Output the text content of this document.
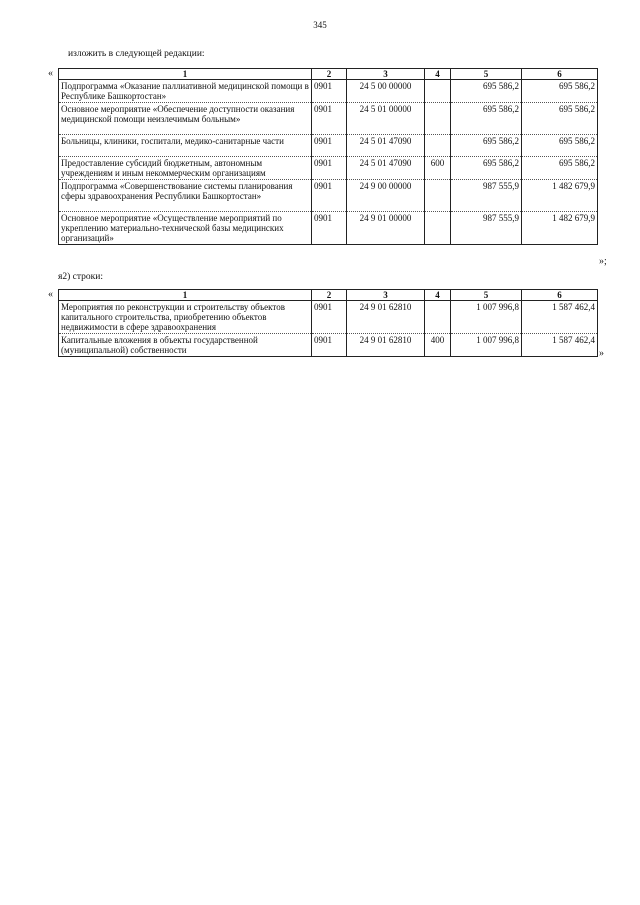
345
изложить в следующей редакции:
«	1	2	3	4	5	6
Подпрограмма «Оказание паллиативной медицинской помощи в Республике Башкортостан»	0901	24 5 00 00000		695 586,2	695 586,2
Основное мероприятие «Обеспечение доступности оказания медицинской помощи неизлечимым больным»	0901	24 5 01 00000		695 586,2	695 586,2
Больницы, клиники, госпитали, медико-санитарные части	0901	24 5 01 47090		695 586,2	695 586,2
Предоставление субсидий бюджетным, автономным учреждениям и иным некоммерческим организациям	0901	24 5 01 47090	600	695 586,2	695 586,2
Подпрограмма «Совершенствование системы планирования сферы здравоохранения Республики Башкортостан»	0901	24 9 00 00000		987 555,9	1 482 679,9
Основное мероприятие «Осуществление мероприятий по укреплению материально-технической базы медицинских организаций»	0901	24 9 01 00000		987 555,9	1 482 679,9
»;
я2) строки:
«	1	2	3	4	5	6
Мероприятия по реконструкции и строительству объектов капитального строительства, приобретению объектов недвижимости в сфере здравоохранения	0901	24 9 01 62810		1 007 996,8	1 587 462,4
Капитальные вложения в объекты государственной (муниципальной) собственности	0901	24 9 01 62810	400	1 007 996,8	1 587 462,4
»
